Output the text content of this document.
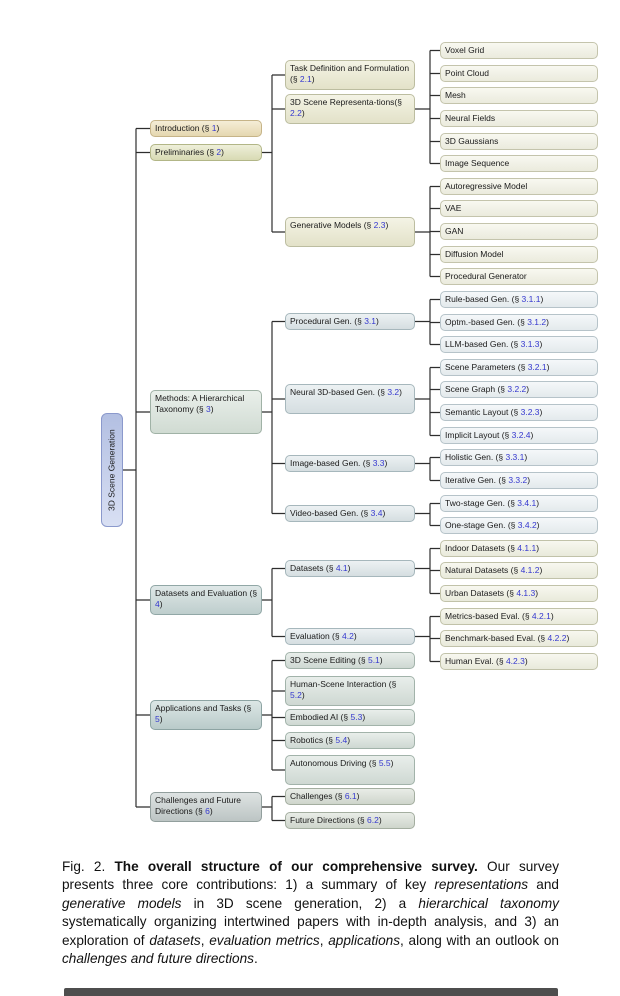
3D Scene Generation
Introduction (§ 1)
Preliminaries (§ 2)
Methods: A Hierarchical Taxonomy (§ 3)
Datasets and Evaluation (§ 4)
Applications and Tasks (§ 5)
Challenges and Future Directions (§ 6)
Task Definition and Formulation (§ 2.1)
3D Scene Representa-tions(§ 2.2)
Generative Models (§ 2.3)
Procedural Gen. (§ 3.1)
Neural 3D-based Gen. (§ 3.2)
Image-based Gen. (§ 3.3)
Video-based Gen. (§ 3.4)
Datasets (§ 4.1)
Evaluation (§ 4.2)
3D Scene Editing (§ 5.1)
Human-Scene Interaction (§ 5.2)
Embodied AI (§ 5.3)
Robotics (§ 5.4)
Autonomous Driving (§ 5.5)
Challenges (§ 6.1)
Future Directions (§ 6.2)
Voxel Grid
Point Cloud
Mesh
Neural Fields
3D Gaussians
Image Sequence
Autoregressive Model
VAE
GAN
Diffusion Model
Procedural Generator
Rule-based Gen. (§ 3.1.1)
Optm.-based Gen. (§ 3.1.2)
LLM-based Gen. (§ 3.1.3)
Scene Parameters (§ 3.2.1)
Scene Graph (§ 3.2.2)
Semantic Layout (§ 3.2.3)
Implicit Layout (§ 3.2.4)
Holistic Gen. (§ 3.3.1)
Iterative Gen. (§ 3.3.2)
Two-stage Gen. (§ 3.4.1)
One-stage Gen. (§ 3.4.2)
Indoor Datasets (§ 4.1.1)
Natural Datasets (§ 4.1.2)
Urban Datasets (§ 4.1.3)
Metrics-based Eval. (§ 4.2.1)
Benchmark-based Eval. (§ 4.2.2)
Human Eval. (§ 4.2.3)
Fig. 2. The overall structure of our comprehensive survey. Our survey presents three core contributions: 1) a summary of key representations and generative models in 3D scene generation, 2) a hierarchical taxonomy systematically organizing intertwined papers with in-depth analysis, and 3) an exploration of datasets, evaluation metrics, applications, along with an outlook on challenges and future directions.
